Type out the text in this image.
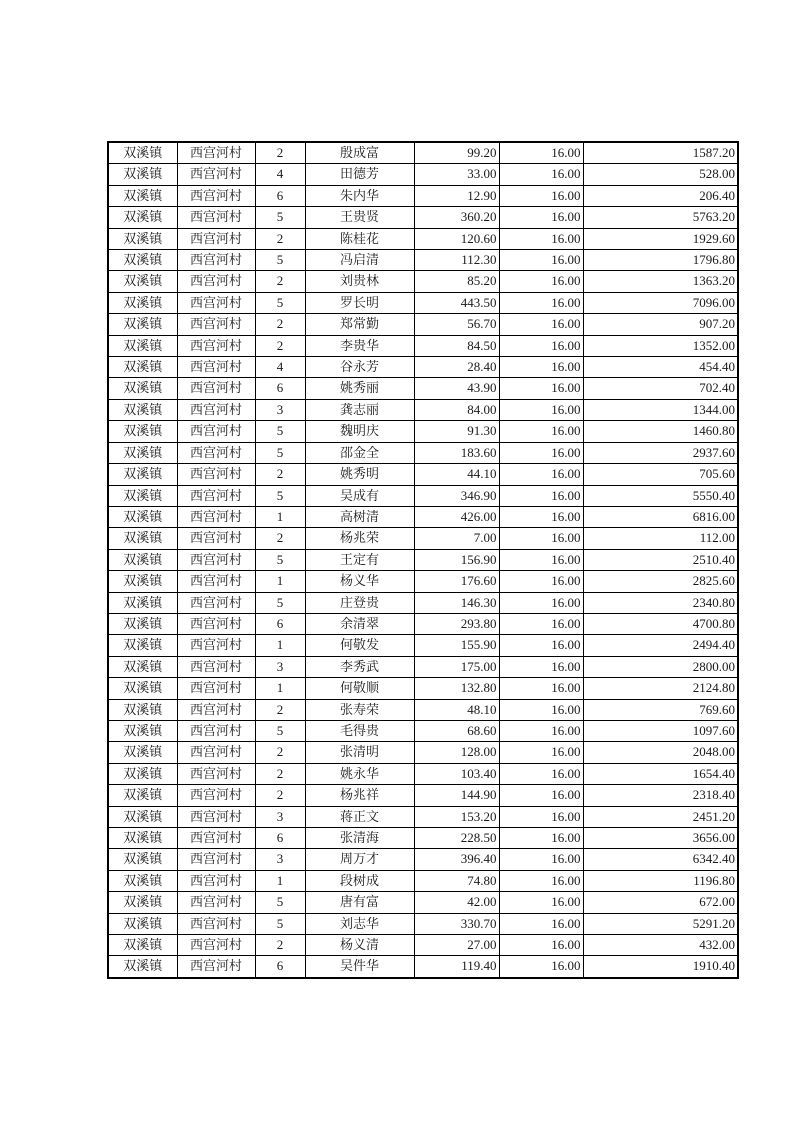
双溪镇	西宫河村	2	殷成富	99.20	16.00	1587.20
双溪镇	西宫河村	4	田德芳	33.00	16.00	528.00
双溪镇	西宫河村	6	朱内华	12.90	16.00	206.40
双溪镇	西宫河村	5	王贵贤	360.20	16.00	5763.20
双溪镇	西宫河村	2	陈桂花	120.60	16.00	1929.60
双溪镇	西宫河村	5	冯启清	112.30	16.00	1796.80
双溪镇	西宫河村	2	刘贵林	85.20	16.00	1363.20
双溪镇	西宫河村	5	罗长明	443.50	16.00	7096.00
双溪镇	西宫河村	2	郑常勤	56.70	16.00	907.20
双溪镇	西宫河村	2	李贵华	84.50	16.00	1352.00
双溪镇	西宫河村	4	谷永芳	28.40	16.00	454.40
双溪镇	西宫河村	6	姚秀丽	43.90	16.00	702.40
双溪镇	西宫河村	3	龚志丽	84.00	16.00	1344.00
双溪镇	西宫河村	5	魏明庆	91.30	16.00	1460.80
双溪镇	西宫河村	5	邵金全	183.60	16.00	2937.60
双溪镇	西宫河村	2	姚秀明	44.10	16.00	705.60
双溪镇	西宫河村	5	吴成有	346.90	16.00	5550.40
双溪镇	西宫河村	1	高树清	426.00	16.00	6816.00
双溪镇	西宫河村	2	杨兆荣	7.00	16.00	112.00
双溪镇	西宫河村	5	王定有	156.90	16.00	2510.40
双溪镇	西宫河村	1	杨义华	176.60	16.00	2825.60
双溪镇	西宫河村	5	庄登贵	146.30	16.00	2340.80
双溪镇	西宫河村	6	余清翠	293.80	16.00	4700.80
双溪镇	西宫河村	1	何敬发	155.90	16.00	2494.40
双溪镇	西宫河村	3	李秀武	175.00	16.00	2800.00
双溪镇	西宫河村	1	何敬顺	132.80	16.00	2124.80
双溪镇	西宫河村	2	张寿荣	48.10	16.00	769.60
双溪镇	西宫河村	5	毛得贵	68.60	16.00	1097.60
双溪镇	西宫河村	2	张清明	128.00	16.00	2048.00
双溪镇	西宫河村	2	姚永华	103.40	16.00	1654.40
双溪镇	西宫河村	2	杨兆祥	144.90	16.00	2318.40
双溪镇	西宫河村	3	蒋正文	153.20	16.00	2451.20
双溪镇	西宫河村	6	张清海	228.50	16.00	3656.00
双溪镇	西宫河村	3	周万才	396.40	16.00	6342.40
双溪镇	西宫河村	1	段树成	74.80	16.00	1196.80
双溪镇	西宫河村	5	唐有富	42.00	16.00	672.00
双溪镇	西宫河村	5	刘志华	330.70	16.00	5291.20
双溪镇	西宫河村	2	杨义清	27.00	16.00	432.00
双溪镇	西宫河村	6	吴件华	119.40	16.00	1910.40
